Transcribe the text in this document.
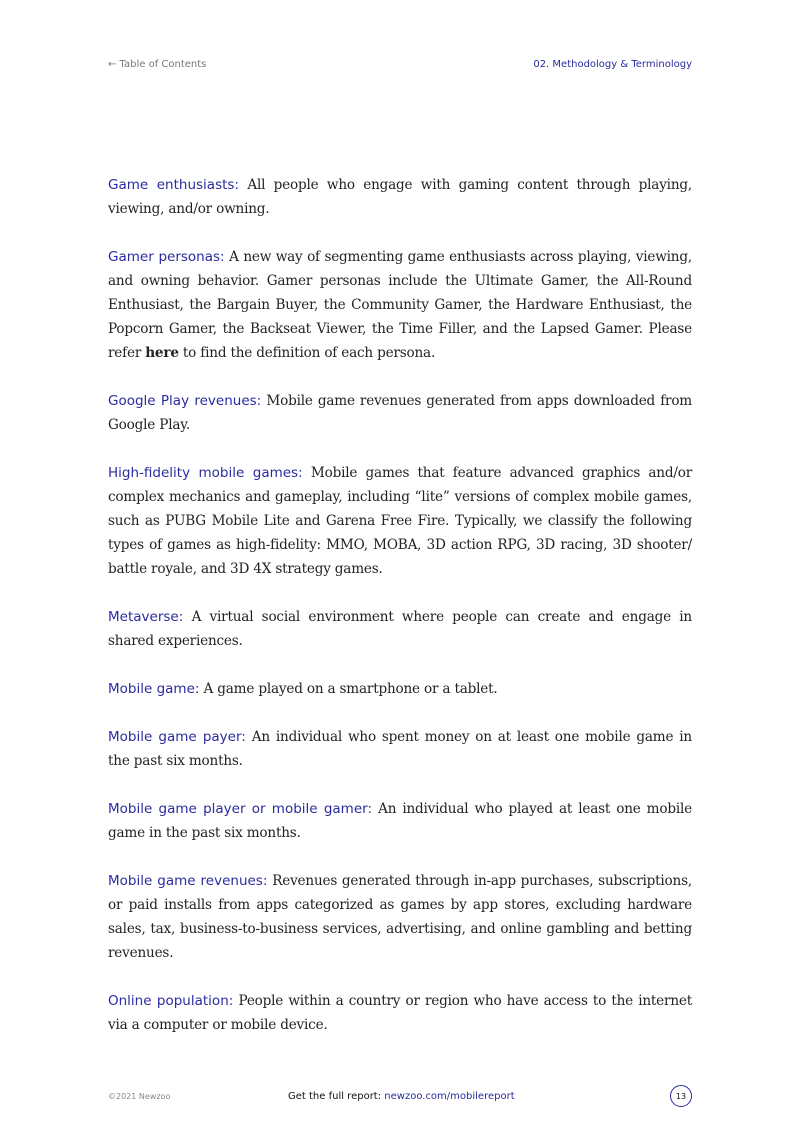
← Table of Contents	02. Methodology & Terminology

Game enthusiasts: All people who engage with gaming content through playing, viewing, and/or owning.

Gamer personas: A new way of segmenting game enthusiasts across playing, viewing, and owning behavior. Gamer personas include the Ultimate Gamer, the All-Round Enthusiast, the Bargain Buyer, the Community Gamer, the Hardware Enthusiast, the Popcorn Gamer, the Backseat Viewer, the Time Filler, and the Lapsed Gamer. Please refer here to find the definition of each persona.

Google Play revenues: Mobile game revenues generated from apps downloaded from Google Play.

High-fidelity mobile games: Mobile games that feature advanced graphics and/or complex mechanics and gameplay, including “lite” versions of complex mobile games, such as PUBG Mobile Lite and Garena Free Fire. Typically, we classify the following types of games as high-fidelity: MMO, MOBA, 3D action RPG, 3D racing, 3D shooter/ battle royale, and 3D 4X strategy games.

Metaverse: A virtual social environment where people can create and engage in shared experiences.

Mobile game: A game played on a smartphone or a tablet.

Mobile game payer: An individual who spent money on at least one mobile game in the past six months.

Mobile game player or mobile gamer: An individual who played at least one mobile game in the past six months.

Mobile game revenues: Revenues generated through in-app purchases, subscriptions, or paid installs from apps categorized as games by app stores, excluding hardware sales, tax, business-to-business services, advertising, and online gambling and betting revenues.

Online population: People within a country or region who have access to the internet via a computer or mobile device.

©2021 Newzoo	Get the full report: newzoo.com/mobilereport	13
